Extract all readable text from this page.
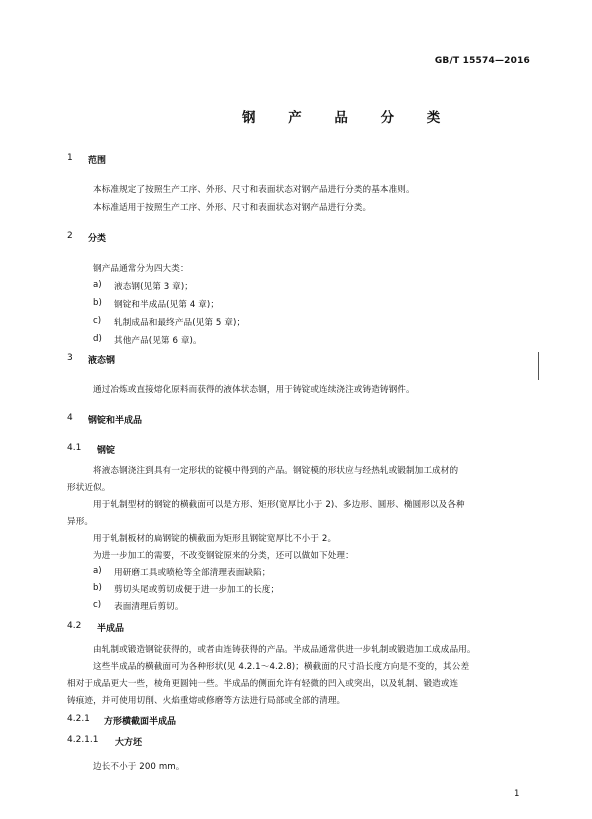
GB/T 15574—2016
钢 产 品 分 类
1 范围
本标准规定了按照生产工序、外形、尺寸和表面状态对钢产品进行分类的基本准则。
本标准适用于按照生产工序、外形、尺寸和表面状态对钢产品进行分类。
2 分类
钢产品通常分为四大类：
a) 液态钢(见第 3 章)；
b) 钢锭和半成品(见第 4 章)；
c) 轧制成品和最终产品(见第 5 章)；
d) 其他产品(见第 6 章)。
3 液态钢
通过冶炼或直接熔化原料而获得的液体状态钢，用于铸锭或连续浇注或铸造铸钢件。
4 钢锭和半成品
4.1 钢锭
将液态钢浇注到具有一定形状的锭模中得到的产品。钢锭模的形状应与经热轧或锻制加工成材的
形状近似。
用于轧制型材的钢锭的横截面可以是方形、矩形(宽厚比小于 2)、多边形、圆形、椭圆形以及各种
异形。
用于轧制板材的扁钢锭的横截面为矩形且钢锭宽厚比不小于 2。
为进一步加工的需要，不改变钢锭原来的分类，还可以做如下处理：
a) 用研磨工具或喷枪等全部清理表面缺陷；
b) 剪切头尾或剪切成便于进一步加工的长度；
c) 表面清理后剪切。
4.2 半成品
由轧制或锻造钢锭获得的，或者由连铸获得的产品。半成品通常供进一步轧制或锻造加工成成品用。
这些半成品的横截面可为各种形状(见 4.2.1～4.2.8)；横截面的尺寸沿长度方向是不变的，其公差
相对于成品更大一些，棱角更圆钝一些。半成品的侧面允许有轻微的凹入或突出，以及轧制、锻造或连
铸痕迹，并可使用切削、火焰重熔或修磨等方法进行局部或全部的清理。
4.2.1 方形横截面半成品
4.2.1.1 大方坯
边长不小于 200 mm。
1
